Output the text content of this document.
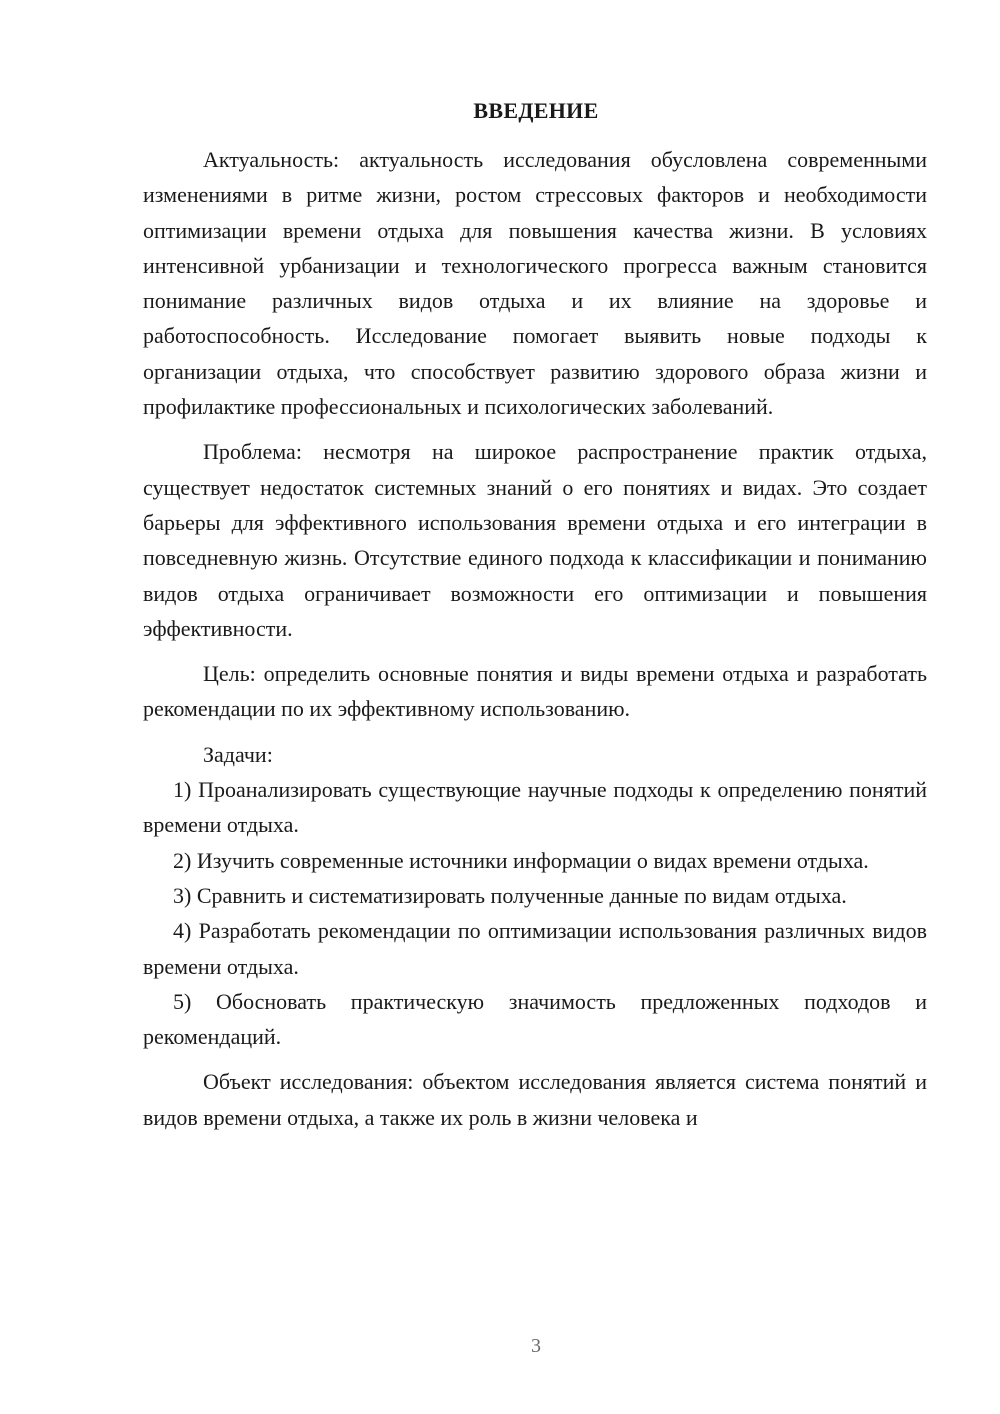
ВВЕДЕНИЕ

Актуальность: актуальность исследования обусловлена современными изменениями в ритме жизни, ростом стрессовых факторов и необходимости оптимизации времени отдыха для повышения качества жизни. В условиях интенсивной урбанизации и технологического прогресса важным становится понимание различных видов отдыха и их влияние на здоровье и работоспособность. Исследование помогает выявить новые подходы к организации отдыха, что способствует развитию здорового образа жизни и профилактике профессиональных и психологических заболеваний.

Проблема: несмотря на широкое распространение практик отдыха, существует недостаток системных знаний о его понятиях и видах. Это создает барьеры для эффективного использования времени отдыха и его интеграции в повседневную жизнь. Отсутствие единого подхода к классификации и пониманию видов отдыха ограничивает возможности его оптимизации и повышения эффективности.

Цель: определить основные понятия и виды времени отдыха и разработать рекомендации по их эффективному использованию.

Задачи:

1) Проанализировать существующие научные подходы к определению понятий времени отдыха.

2) Изучить современные источники информации о видах времени отдыха.

3) Сравнить и систематизировать полученные данные по видам отдыха.

4) Разработать рекомендации по оптимизации использования различных видов времени отдыха.

5) Обосновать практическую значимость предложенных подходов и рекомендаций.

Объект исследования: объектом исследования является система понятий и видов времени отдыха, а также их роль в жизни человека и

3
